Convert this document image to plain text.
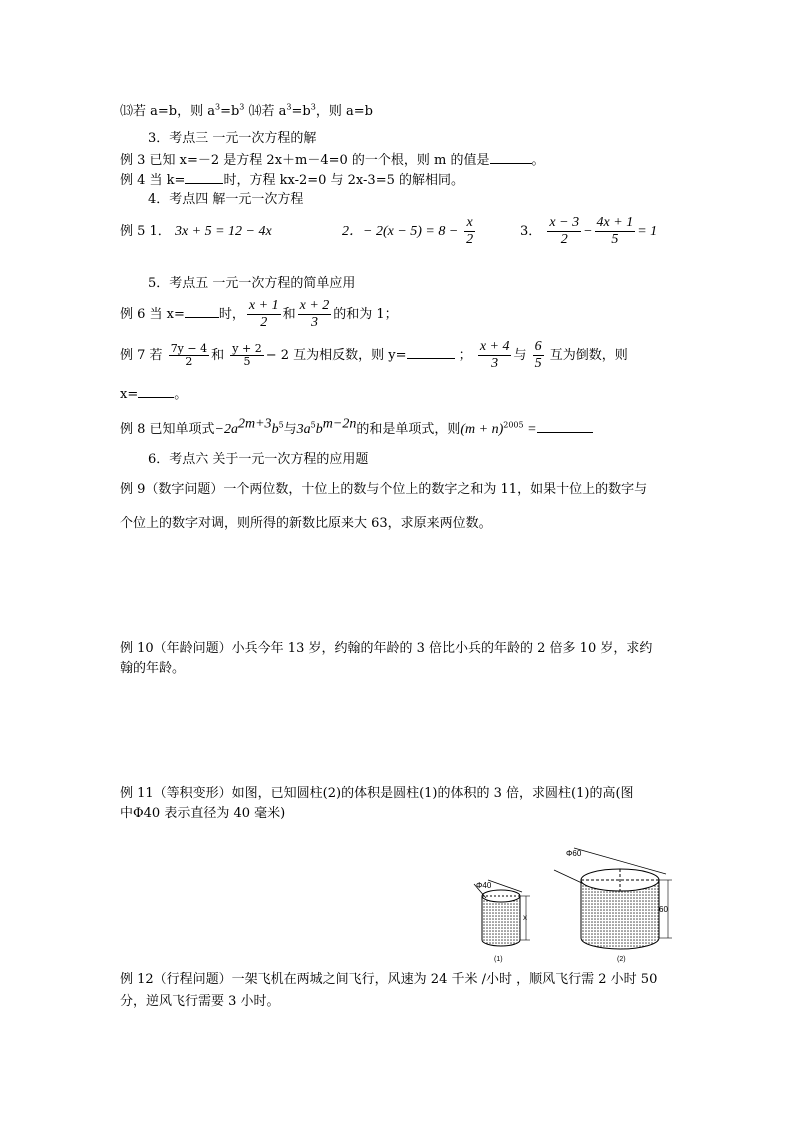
⒀若 a=b，则 $a^3=b^3$ ⒁若 $a^3=b^3$，则 a=b
3．考点三 一元一次方程的解
例 3 已知 x=－2 是方程 2x＋m－4=0 的一个根，则 m 的值是	。
例 4 当 k=	时，方程 kx-2=0 与 2x-3=5 的解相同。
4．考点四 解一元一次方程
例 5 1． 3x + 5 = 12 − 4x	2．− $2(x - 5) = 8 - \frac{x}{2}$	3． $\frac{x - 3}{2} - \frac{4x + 1}{5} = 1$
5．考点五 一元一次方程的简单应用
例 6 当 x=	时， $\frac{x + 1}{2}$ 和 $\frac{x + 2}{3}$ 的和为 1；
例 7 若 $\frac{7y - 4}{2}$ 和 $\frac{y + 2}{5} - 2$ 互为相反数，则 y=	； $\frac{x + 4}{3}$ 与 $\frac{6}{5}$ 互为倒数，则
x=	。
例 8 已知单项式$-2a^{2m+3}b^5$与$3a^5b^{m-2n}$的和是单项式，则$(m + n)^{2005}$ =
6．考点六 关于一元一次方程的应用题
例 9（数字问题）一个两位数，十位上的数与个位上的数字之和为 11，如果十位上的数字与
个位上的数字对调，则所得的新数比原来大 63，求原来两位数。
例 10（年龄问题）小兵今年 13 岁，约翰的年龄的 3 倍比小兵的年龄的 2 倍多 10 岁，求约
翰的年龄。
例 11（等积变形）如图，已知圆柱(2)的体积是圆柱(1)的体积的 3 倍，求圆柱(1)的高(图
中Φ40 表示直径为 40 毫米)
Φ40
x
(1)
Φ60
60
(2)
例 12（行程问题）一架飞机在两城之间飞行，风速为 24 千米 /小时 ，顺风飞行需 2 小时 50
分，逆风飞行需要 3 小时。
